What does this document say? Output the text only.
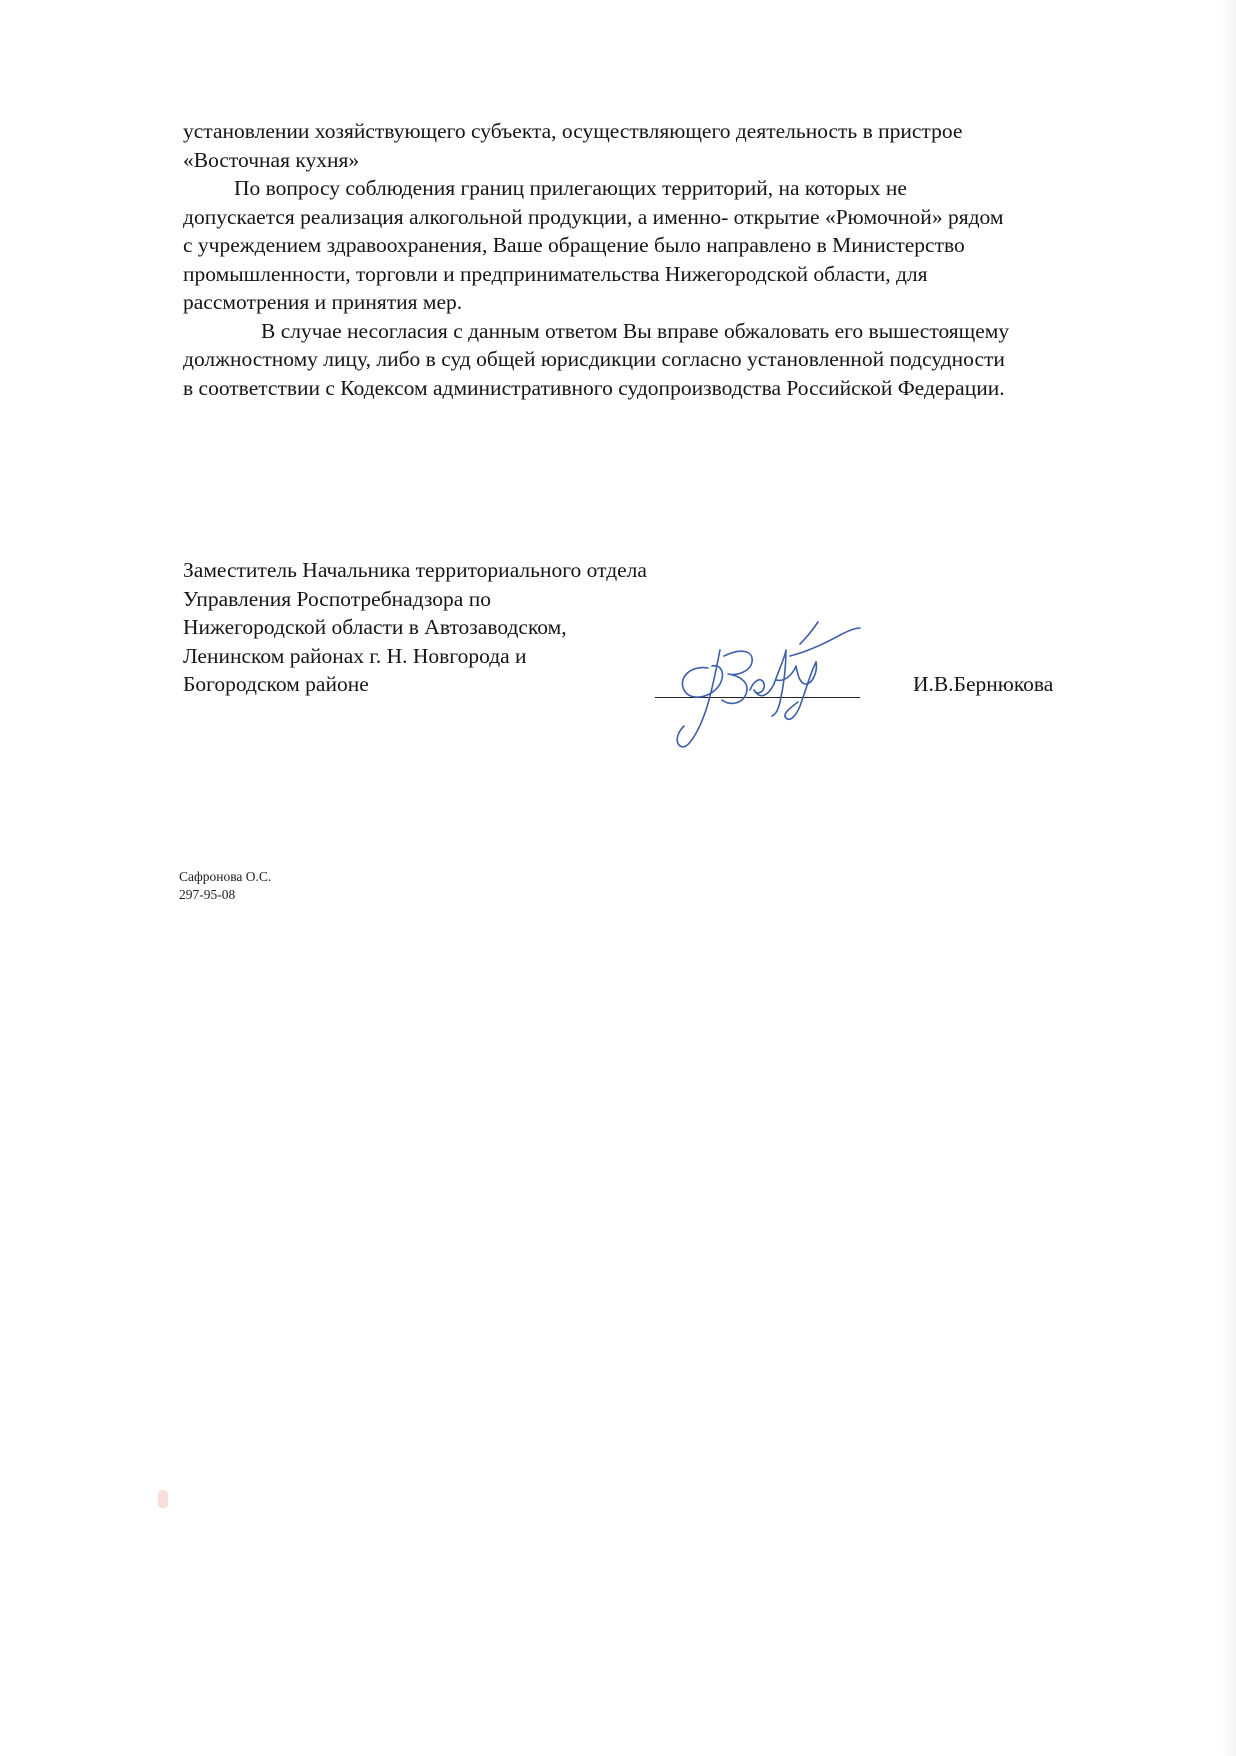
установлении хозяйствующего субъекта, осуществляющего деятельность в пристрое
«Восточная кухня»

По вопросу соблюдения границ прилегающих территорий, на которых не
допускается реализация алкогольной продукции, а именно- открытие «Рюмочной» рядом
с учреждением здравоохранения, Ваше обращение было направлено в Министерство
промышленности, торговли и предпринимательства Нижегородской области, для
рассмотрения и принятия мер.

В случае несогласия с данным ответом Вы вправе обжаловать его вышестоящему
должностному лицу, либо в суд общей юрисдикции согласно установленной подсудности
в соответствии с Кодексом административного судопроизводства Российской Федерации.

Заместитель Начальника территориального отдела
Управления Роспотребнадзора по
Нижегородской области в Автозаводском,
Ленинском районах г. Н. Новгорода и
Богородском районе	И.В.Бернюкова
Сафронова О.С.
297-95-08
